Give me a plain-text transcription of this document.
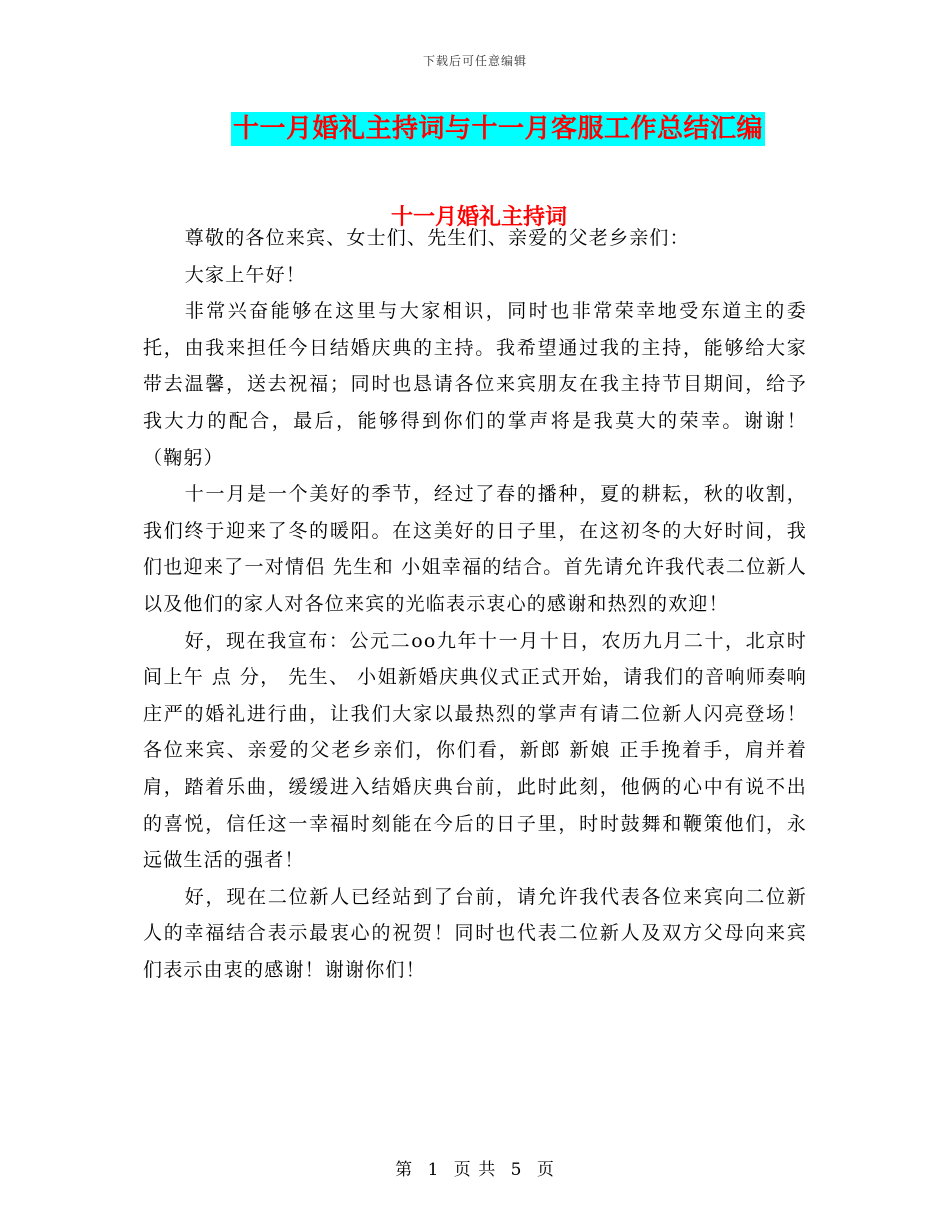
下载后可任意编辑
十一月婚礼主持词与十一月客服工作总结汇编
十一月婚礼主持词

尊敬的各位来宾、女士们、先生们、亲爱的父老乡亲们：

大家上午好！

非常兴奋能够在这里与大家相识，同时也非常荣幸地受东道主的委托，由我来担任今日结婚庆典的主持。我希望通过我的主持，能够给大家带去温馨，送去祝福；同时也恳请各位来宾朋友在我主持节目期间，给予我大力的配合，最后，能够得到你们的掌声将是我莫大的荣幸。谢谢！（鞠躬）

十一月是一个美好的季节，经过了春的播种，夏的耕耘，秋的收割，我们终于迎来了冬的暖阳。在这美好的日子里，在这初冬的大好时间，我们也迎来了一对情侣 先生和 小姐幸福的结合。首先请允许我代表二位新人以及他们的家人对各位来宾的光临表示衷心的感谢和热烈的欢迎！

好，现在我宣布：公元二oo九年十一月十日，农历九月二十，北京时间上午 点 分， 先生、 小姐新婚庆典仪式正式开始，请我们的音响师奏响庄严的婚礼进行曲，让我们大家以最热烈的掌声有请二位新人闪亮登场！各位来宾、亲爱的父老乡亲们，你们看，新郎 新娘 正手挽着手，肩并着肩，踏着乐曲，缓缓进入结婚庆典台前，此时此刻，他俩的心中有说不出的喜悦，信任这一幸福时刻能在今后的日子里，时时鼓舞和鞭策他们，永远做生活的强者！

好，现在二位新人已经站到了台前，请允许我代表各位来宾向二位新人的幸福结合表示最衷心的祝贺！同时也代表二位新人及双方父母向来宾们表示由衷的感谢！谢谢你们！

第 1 页 共 5 页
